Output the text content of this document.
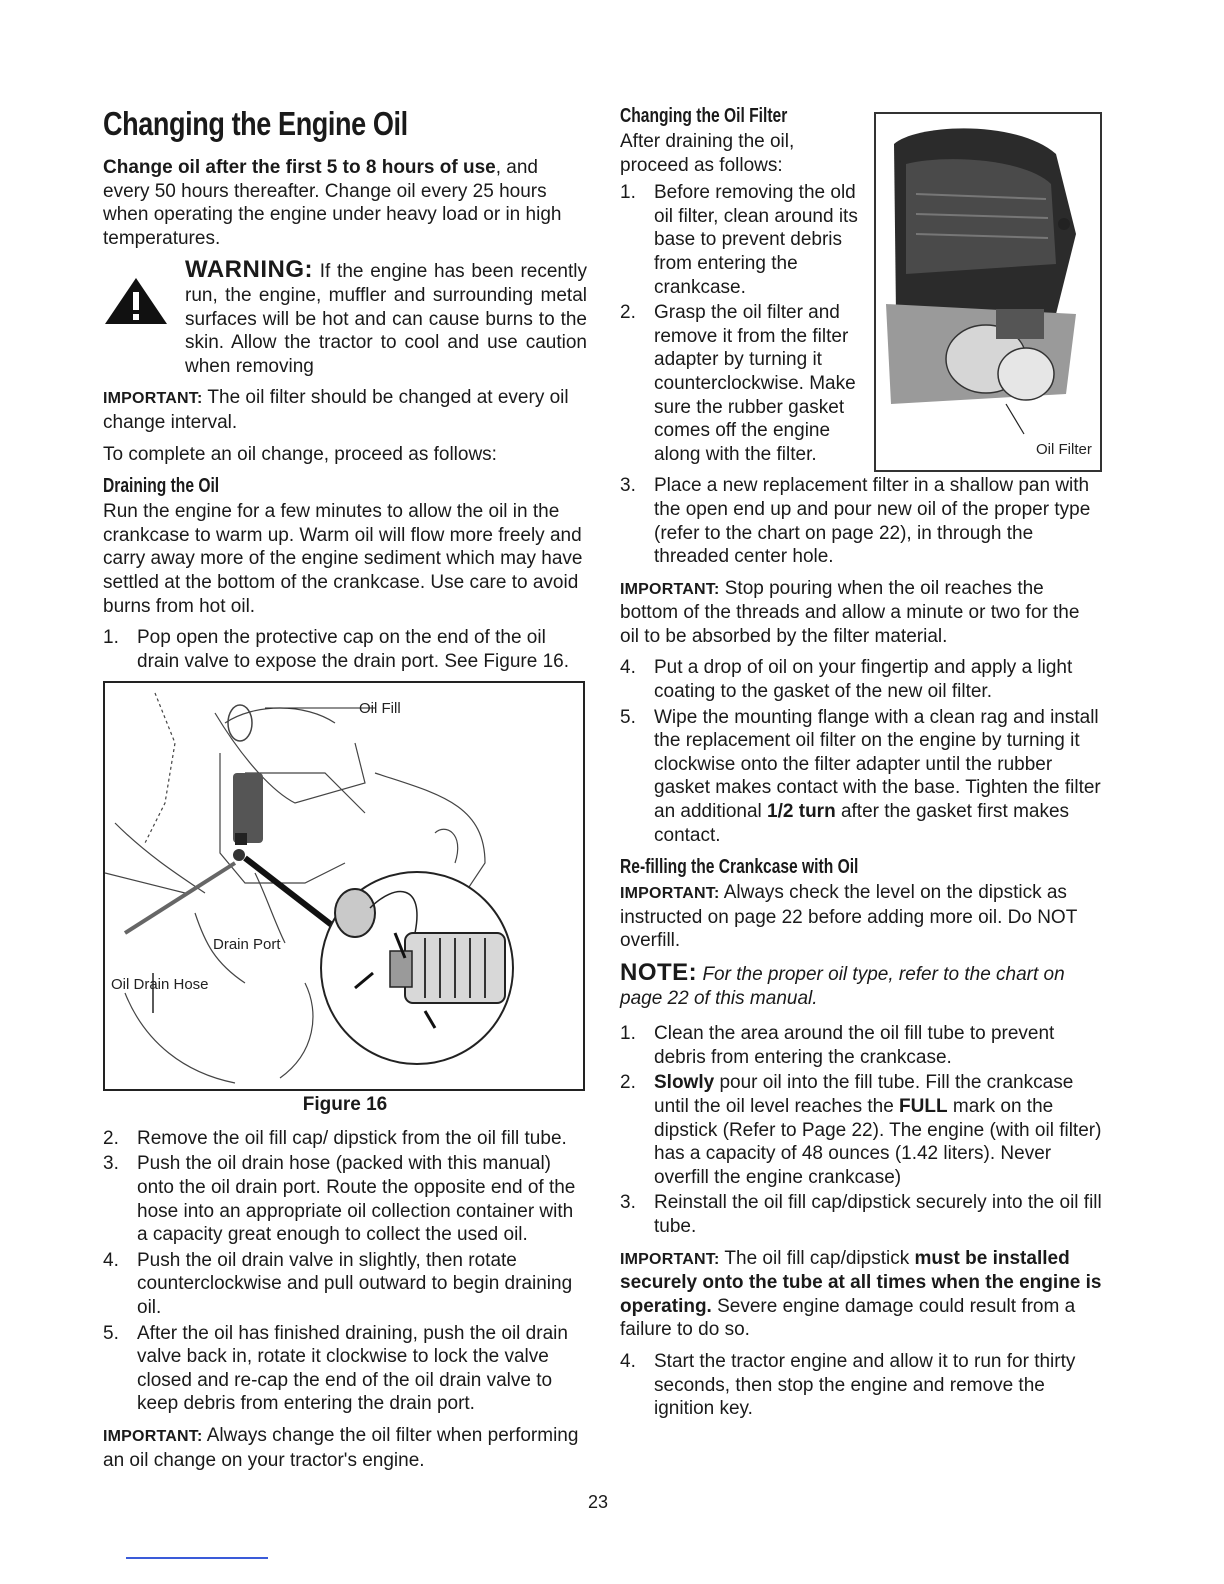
Changing the Engine Oil

Change oil after the first 5 to 8 hours of use, and every 50 hours thereafter. Change oil every 25 hours when operating the engine under heavy load or in high temperatures.

WARNING: If the engine has been recently run, the engine, muffler and surrounding metal surfaces will be hot and can cause burns to the skin. Allow the tractor to cool and use caution when removing

IMPORTANT: The oil filter should be changed at every oil change interval.

To complete an oil change, proceed as follows:

Draining the Oil

Run the engine for a few minutes to allow the oil in the crankcase to warm up. Warm oil will flow more freely and carry away more of the engine sediment which may have settled at the bottom of the crankcase. Use care to avoid burns from hot oil.

1. Pop open the protective cap on the end of the oil drain valve to expose the drain port. See Figure 16.
Oil Fill
Drain Port
Oil Drain Hose
Figure 16
2. Remove the oil fill cap/ dipstick from the oil fill tube.
3. Push the oil drain hose (packed with this manual) onto the oil drain port. Route the opposite end of the hose into an appropriate oil collection container with a capacity great enough to collect the used oil.
4. Push the oil drain valve in slightly, then rotate counterclockwise and pull outward to begin draining oil.
5. After the oil has finished draining, push the oil drain valve back in, rotate it clockwise to lock the valve closed and re-cap the end of the oil drain valve to keep debris from entering the drain port.

IMPORTANT: Always change the oil filter when performing an oil change on your tractor's engine.

Changing the Oil Filter

After draining the oil, proceed as follows:

1. Before removing the old oil filter, clean around its base to prevent debris from entering the crankcase.
2. Grasp the oil filter and remove it from the filter adapter by turning it counterclockwise. Make sure the rubber gasket comes off the engine along with the filter.
3. Place a new replacement filter in a shallow pan with the open end up and pour new oil of the proper type (refer to the chart on page 22), in through the threaded center hole.

IMPORTANT: Stop pouring when the oil reaches the bottom of the threads and allow a minute or two for the oil to be absorbed by the filter material.

4. Put a drop of oil on your fingertip and apply a light coating to the gasket of the new oil filter.
5. Wipe the mounting flange with a clean rag and install the replacement oil filter on the engine by turning it clockwise onto the filter adapter until the rubber gasket makes contact with the base. Tighten the filter an additional 1/2 turn after the gasket first makes contact.
Re-filling the Crankcase with Oil

IMPORTANT: Always check the level on the dipstick as instructed on page 22 before adding more oil. Do NOT overfill.

NOTE: For the proper oil type, refer to the chart on page 22 of this manual.

1. Clean the area around the oil fill tube to prevent debris from entering the crankcase.
2. Slowly pour oil into the fill tube. Fill the crankcase until the oil level reaches the FULL mark on the dipstick (Refer to Page 22). The engine (with oil filter) has a capacity of 48 ounces (1.42 liters). Never overfill the engine crankcase)
3. Reinstall the oil fill cap/dipstick securely into the oil fill tube.

IMPORTANT: The oil fill cap/dipstick must be installed securely onto the tube at all times when the engine is operating. Severe engine damage could result from a failure to do so.

4. Start the tractor engine and allow it to run for thirty seconds, then stop the engine and remove the ignition key.
Oil Filter
23
